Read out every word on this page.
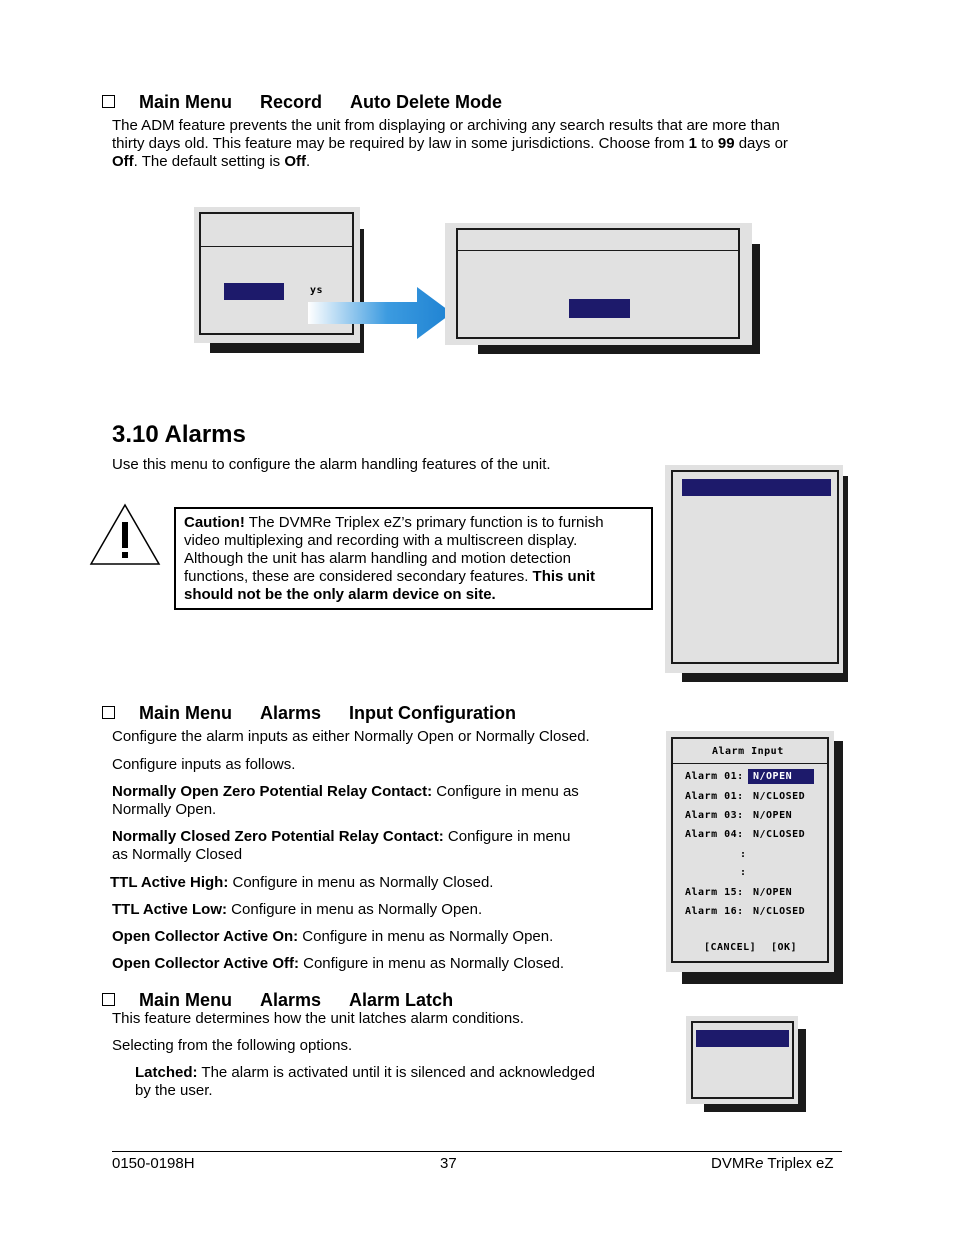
Main Menu Record Auto Delete Mode
The ADM feature prevents the unit from displaying or archiving any search results that are more than
thirty days old. This feature may be required by law in some jurisdictions. Choose from 1 to 99 days or
Off. The default setting is Off.
ys
3.10 Alarms
Use this menu to configure the alarm handling features of the unit.
Caution! The DVMRe Triplex eZ’s primary function is to furnish
video multiplexing and recording with a multiscreen display.
Although the unit has alarm handling and motion detection
functions, these are considered secondary features. This unit
should not be the only alarm device on site.
Main Menu Alarms Input Configuration
Configure the alarm inputs as either Normally Open or Normally Closed.
Configure inputs as follows.
Normally Open Zero Potential Relay Contact: Configure in menu as
Normally Open.
Normally Closed Zero Potential Relay Contact: Configure in menu
as Normally Closed
TTL Active High: Configure in menu as Normally Closed.
TTL Active Low: Configure in menu as Normally Open.
Open Collector Active On: Configure in menu as Normally Open.
Open Collector Active Off: Configure in menu as Normally Closed.
Alarm Input
Alarm 01: N/OPEN
Alarm 01: N/CLOSED
Alarm 03: N/OPEN
Alarm 04: N/CLOSED
:
:
Alarm 15: N/OPEN
Alarm 16: N/CLOSED
[CANCEL] [OK]
Main Menu Alarms Alarm Latch
This feature determines how the unit latches alarm conditions.
Selecting from the following options.
Latched: The alarm is activated until it is silenced and acknowledged
by the user.
0150-0198H	37	DVMRe Triplex eZ
